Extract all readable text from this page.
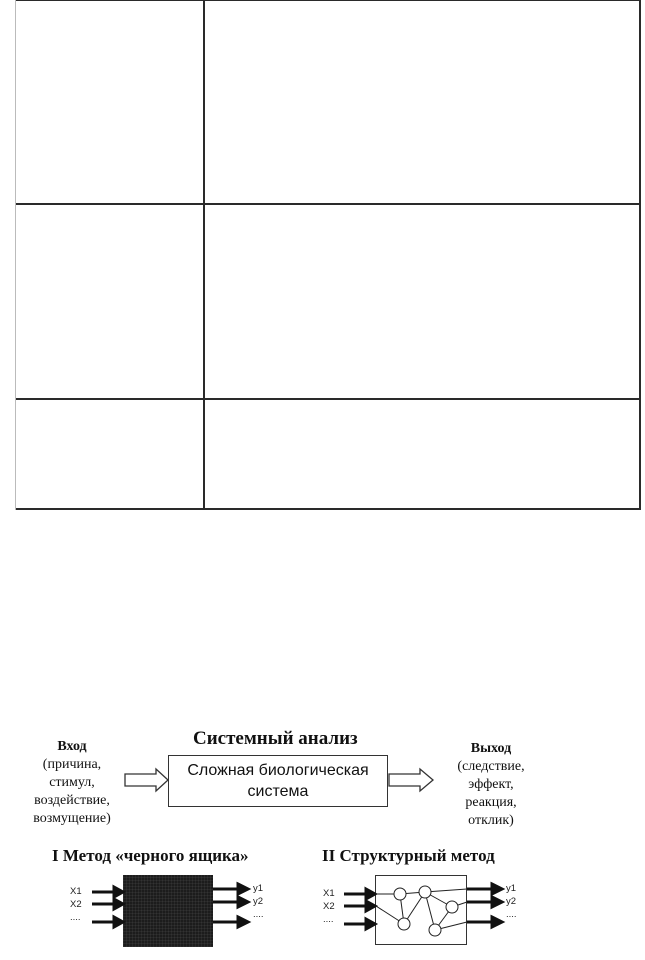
Системный анализ
Вход
(причина,
стимул,
воздействие,
возмущение)
Сложная биологическая
система
Выход
(следствие,
эффект,
реакция,
отклик)
I Метод «черного ящика»	II Структурный метод
X1
X2
....
y1
y2
....
X1
X2
....
y1
y2
....
